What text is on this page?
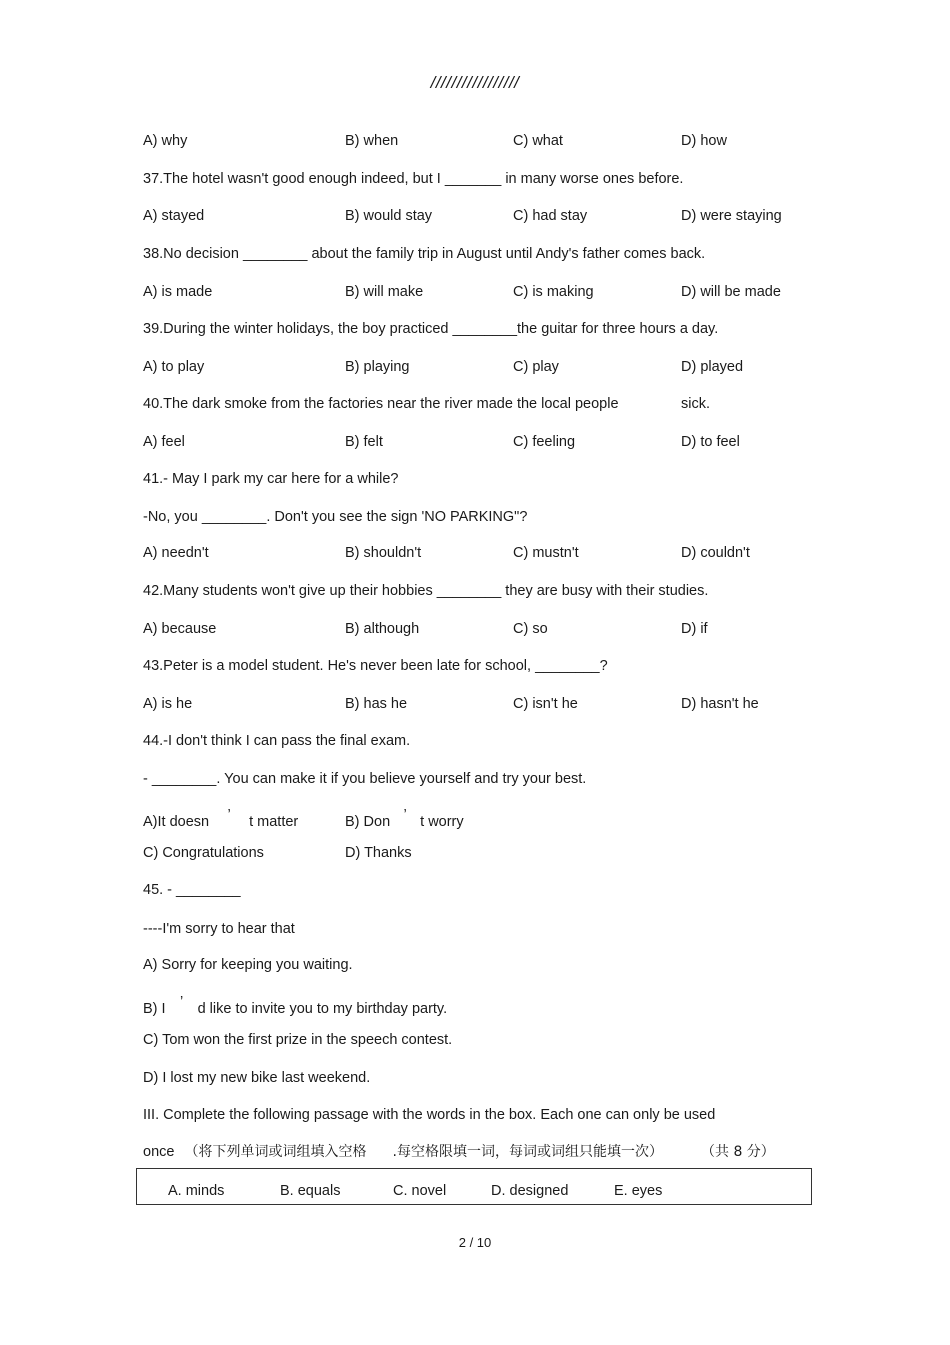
/////////////////
A) why	B) when	C) what	D) how
37.The hotel wasn't good enough indeed, but I _______ in many worse ones before.
A) stayed	B) would stay	C) had stay	D) were staying
38.No decision ________ about the family trip in August until Andy's father comes back.
A) is made	B) will make	C) is making	D) will be made
39.During the winter holidays, the boy practiced ________the guitar for three hours a day.
A) to play	B) playing	C) play	D) played
40.The dark smoke from the factories near the river made the local people	sick.
A) feel	B) felt	C) feeling	D) to feel
41.- May I park my car here for a while?
-No, you ________. Don't you see the sign 'NO PARKING"?
A) needn't	B) shouldn't	C) mustn't	D) couldn't
42.Many students won't give up their hobbies ________ they are busy with their studies.
A) because	B) although	C) so	D) if
43.Peter is a model student. He's never been late for school, ________?
A) is he	B) has he	C) isn't he	D) hasn't he
44.-I don't think I can pass the final exam.
- ________. You can make it if you believe yourself and try your best.
A)It doesn ’ t matter	B) Don ’ t worry
C) Congratulations	D) Thanks
45. - ________
----I'm sorry to hear that
A) Sorry for keeping you waiting.
B) I ’ d like to invite you to my birthday party.
C) Tom won the first prize in the speech contest.
D) I lost my new bike last weekend.
III. Complete the following passage with the words in the box. Each one can only be used
once （将下列单词或词组填入空格 .每空格限填一词，每词或词组只能填一次）	（共 8 分）
A. minds	B. equals	C. novel	D. designed	E. eyes
2 / 10
